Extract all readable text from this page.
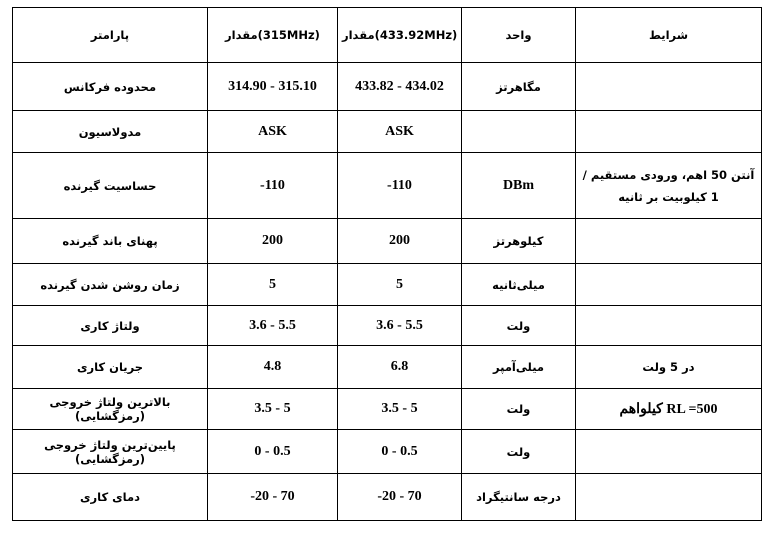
پارامتر	مقدار(315MHz)	مقدار(433.92MHz)	واحد	شرایط
محدوده فرکانس	314.90 - 315.10	433.82 - 434.02	مگاهرتز	
مدولاسیون	ASK	ASK		
حساسیت گیرنده	-110	-110	DBm	آنتن 50 اهم، ورودی مستقیم / 1 کیلوبیت بر ثانیه
پهنای باند گیرنده	200	200	کیلوهرتز	
زمان روشن شدن گیرنده	5	5	میلی‌ثانیه	
ولتاژ کاری	3.6 - 5.5	3.6 - 5.5	ولت	
جریان کاری	4.8	6.8	میلی‌آمپر	در 5 ولت
بالاترین ولتاژ خروجی (رمزگشایی)	3.5 - 5	3.5 - 5	ولت	RL =500 کیلواهم
پایین‌ترین ولتاژ خروجی (رمزگشایی)	0 - 0.5	0 - 0.5	ولت	
دمای کاری	-20 - 70	-20 - 70	درجه سانتیگراد	
